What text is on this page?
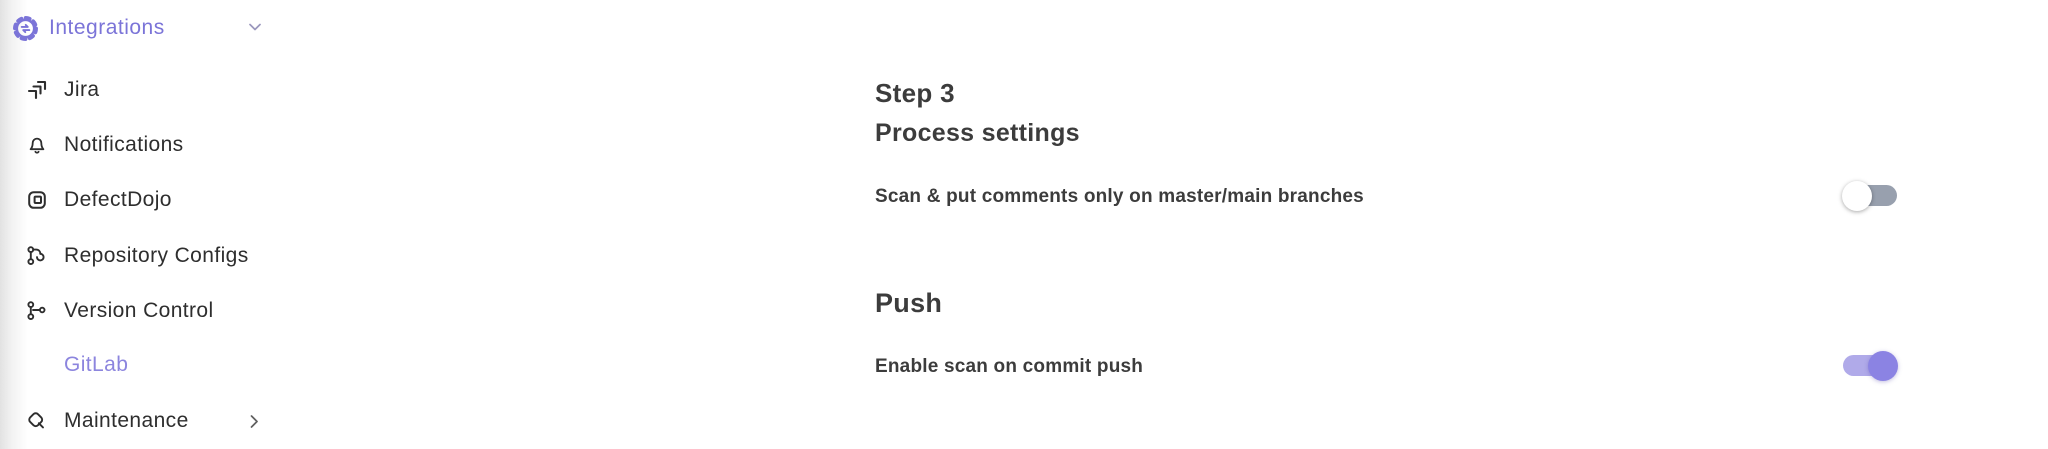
Integrations
Jira
Notifications
DefectDojo
Repository Configs
Version Control
GitLab
Maintenance
Step 3
Process settings
Scan & put comments only on master/main branches
Push
Enable scan on commit push
